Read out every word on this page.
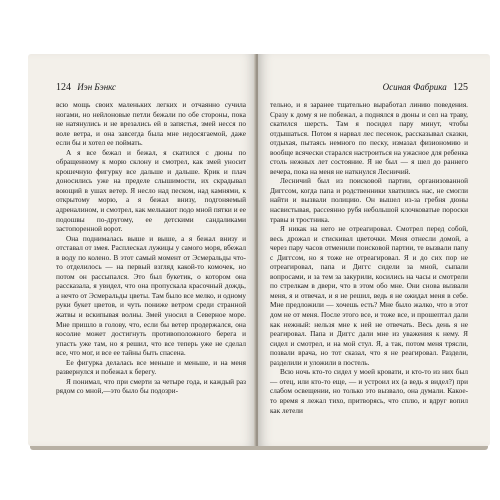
124 Иэн Бэнкс

всю мощь своих маленьких легких и отчаянно сучила ногами, но нейлоновые петли бежали по обе стороны, пока не натянулись и не врезались ей в запястья, змей несся по воле ветра, и она завсегда была мне недосягаемой, даже если бы и хотел ее поймать.

А я все бежал и бежал, я скатился с дюны по обращенному к морю склону и смотрел, как змей уносит крошечную фигурку все дальше и дальше. Крик и плач доносились уже на пределе слышимости, их скрадывал воющий в ушах ветер. Я несло над песком, над камнями, к открытому морю, а я бежал внизу, подгоняемый адреналином, и смотрел, как мелькают подо мной пятки и ее подошвы по-другому, ее детскими сандаликами застопоренной ворот.

Она поднималась выше и выше, а я бежал внизу и отставал от змея. Расплескал лужицы у самого моря, вбежал в воду по колено. В этот самый момент от Эсмеральды что-то отделилось — на первый взгляд какой-то комочек, но потом он рассыпался. Это был букетик, о котором она рассказала, я увидел, что она пропускала красочный дождь, а нечто от Эсмеральды цветы. Там было все мелко, и одному руки букет цветов, и чуть пониже ветром среди странной жатвы и вскипывая волны. Змей уносил в Северное море. Мне пришло в голову, что, если бы ветер продержался, она косолие может достигнуть противоположного берега и упасть уже там, но я решил, что все теперь уже не сделал все, что мог, и все ее тайны быть спасена.

Ее фигурка делалась все меньше и меньше, и на меня развернулся и побежал к берегу.

Я понимал, что при смерти за четыре года, и каждый раз рядом со мной,—это было бы подозри-

Осиная Фабрика 125

тельно, и я заранее тщательно выработал линию поведения. Сразу к дому я не побежал, а поднялся в дюны и сел на траву, скатился шерсть. Там я посидел пару минут, чтобы отдышаться. Потом я нарвал лес песенок, рассказывал сказки, отдыхая, пытаясь немного по песку, измазал физиономию и вообще всячески старался настроиться на ужасное для ребенка столь нежных лет состояние. Я не был — я шел до раннего вечера, пока на меня не наткнулся Лесничий.

Лесничий был из поисковой партии, организованной Диггсом, когда папа и родственники хватились нас, не смогли найти и вызвали полицию. Он вышел из-за гребня дюны насвистывая, рассеянно рубя небольшой клочковатые пороски травы и тростника.

Я никак на него не отреагировал. Смотрел перед собой, весь дрожал и стискивал цветочки. Меня отнесли домой, а через пару часов отменили поисковой партии, те вызвали папу с Диггсом, но я тоже не отреагировал. Я и до сих пор не отреагировал, папа и Диггс сидели за мной, сыпали вопросами, и за тем за закурили, косились на часы и смотрели по стрелкам в двери, что в этом обо мне. Они снова вызвали меня, я и отвечал, и я не решил, ведь я не ожидал меня в себе. Мне предложили — хочешь есть? Мне было жалко, что в этот дом не от меня. После этого все, и тоже все, и прошептал дали как нежный: нельзя мне к ней не отвечать. Весь день я не реагировал. Папа и Диггс дали мне из уважения к нему. Я сидел и смотрел, и на мой стул. Я, а так, потом меня трясли, позвали врача, но тот сказал, что я не реагировал. Раздели, разделили и уложили в постель.

Всю ночь кто-то сидел у моей кровати, и кто-то из них был — отец, или кто-то еще, — и устроил их (а ведь я видел?) при слабом освещении, но только это вызвало, она думали. Какое-то время я лежал тихо, притворясь, что сплю, и вдруг вопил как летели
